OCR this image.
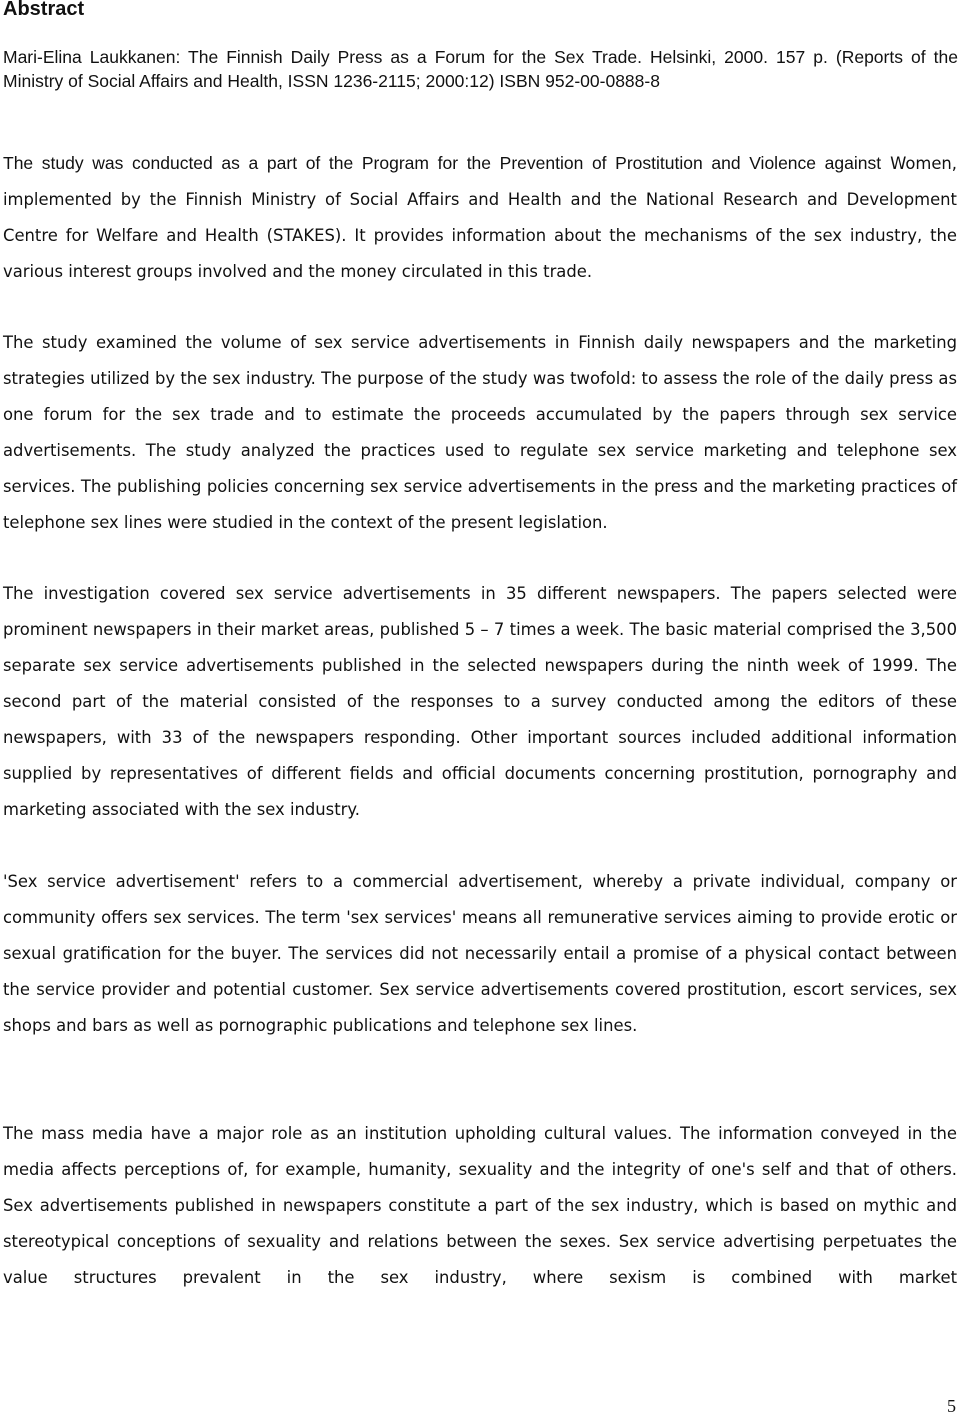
Abstract

Mari-Elina Laukkanen: The Finnish Daily Press as a Forum for the Sex Trade. Helsinki, 2000. 157 p. (Reports of the Ministry of Social Affairs and Health, ISSN 1236-2115; 2000:12) ISBN 952-00-0888-8

The study was conducted as a part of the Program for the Prevention of Prostitution and Violence against Women, implemented by the Finnish Ministry of Social Affairs and Health and the National Research and Development Centre for Welfare and Health (STAKES). It provides information about the mechanisms of the sex industry, the various interest groups involved and the money circulated in this trade.

The study examined the volume of sex service advertisements in Finnish daily newspapers and the marketing strategies utilized by the sex industry. The purpose of the study was twofold: to assess the role of the daily press as one forum for the sex trade and to estimate the proceeds accumulated by the papers through sex service advertisements. The study analyzed the practices used to regulate sex service marketing and telephone sex services. The publishing policies concerning sex service advertisements in the press and the marketing practices of telephone sex lines were studied in the context of the present legislation.

The investigation covered sex service advertisements in 35 different newspapers. The papers selected were prominent newspapers in their market areas, published 5 – 7 times a week. The basic material comprised the 3,500 separate sex service advertisements published in the selected newspapers during the ninth week of 1999. The second part of the material consisted of the responses to a survey conducted among the editors of these newspapers, with 33 of the newspapers responding. Other important sources included additional information supplied by representatives of different fields and official documents concerning prostitution, pornography and marketing associated with the sex industry.

'Sex service advertisement' refers to a commercial advertisement, whereby a private individual, company or community offers sex services. The term 'sex services' means all remunerative services aiming to provide erotic or sexual gratification for the buyer. The services did not necessarily entail a promise of a physical contact between the service provider and potential customer. Sex service advertisements covered prostitution, escort services, sex shops and bars as well as pornographic publications and telephone sex lines.

The mass media have a major role as an institution upholding cultural values. The information conveyed in the media affects perceptions of, for example, humanity, sexuality and the integrity of one's self and that of others. Sex advertisements published in newspapers constitute a part of the sex industry, which is based on mythic and stereotypical conceptions of sexuality and relations between the sexes. Sex service advertising perpetuates the value structures prevalent in the sex industry, where sexism is combined with market

5
